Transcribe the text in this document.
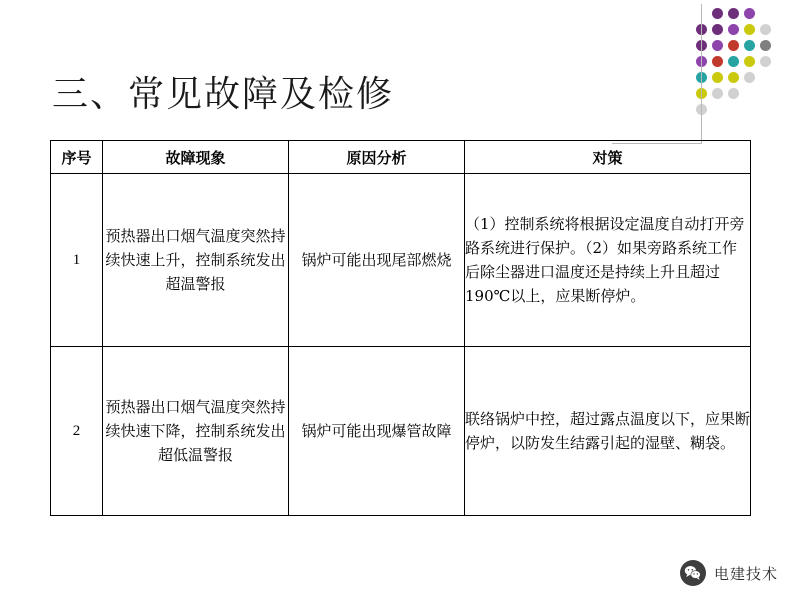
三、常见故障及检修
序号	故障现象	原因分析	对策
1	预热器出口烟气温度突然持续快速上升，控制系统发出超温警报	锅炉可能出现尾部燃烧	（1）控制系统将根据设定温度自动打开旁路系统进行保护。（2）如果旁路系统工作后除尘器进口温度还是持续上升且超过190℃以上，应果断停炉。
2	预热器出口烟气温度突然持续快速下降，控制系统发出超低温警报	锅炉可能出现爆管故障	联络锅炉中控，超过露点温度以下，应果断停炉，以防发生结露引起的湿壁、糊袋。
电建技术
